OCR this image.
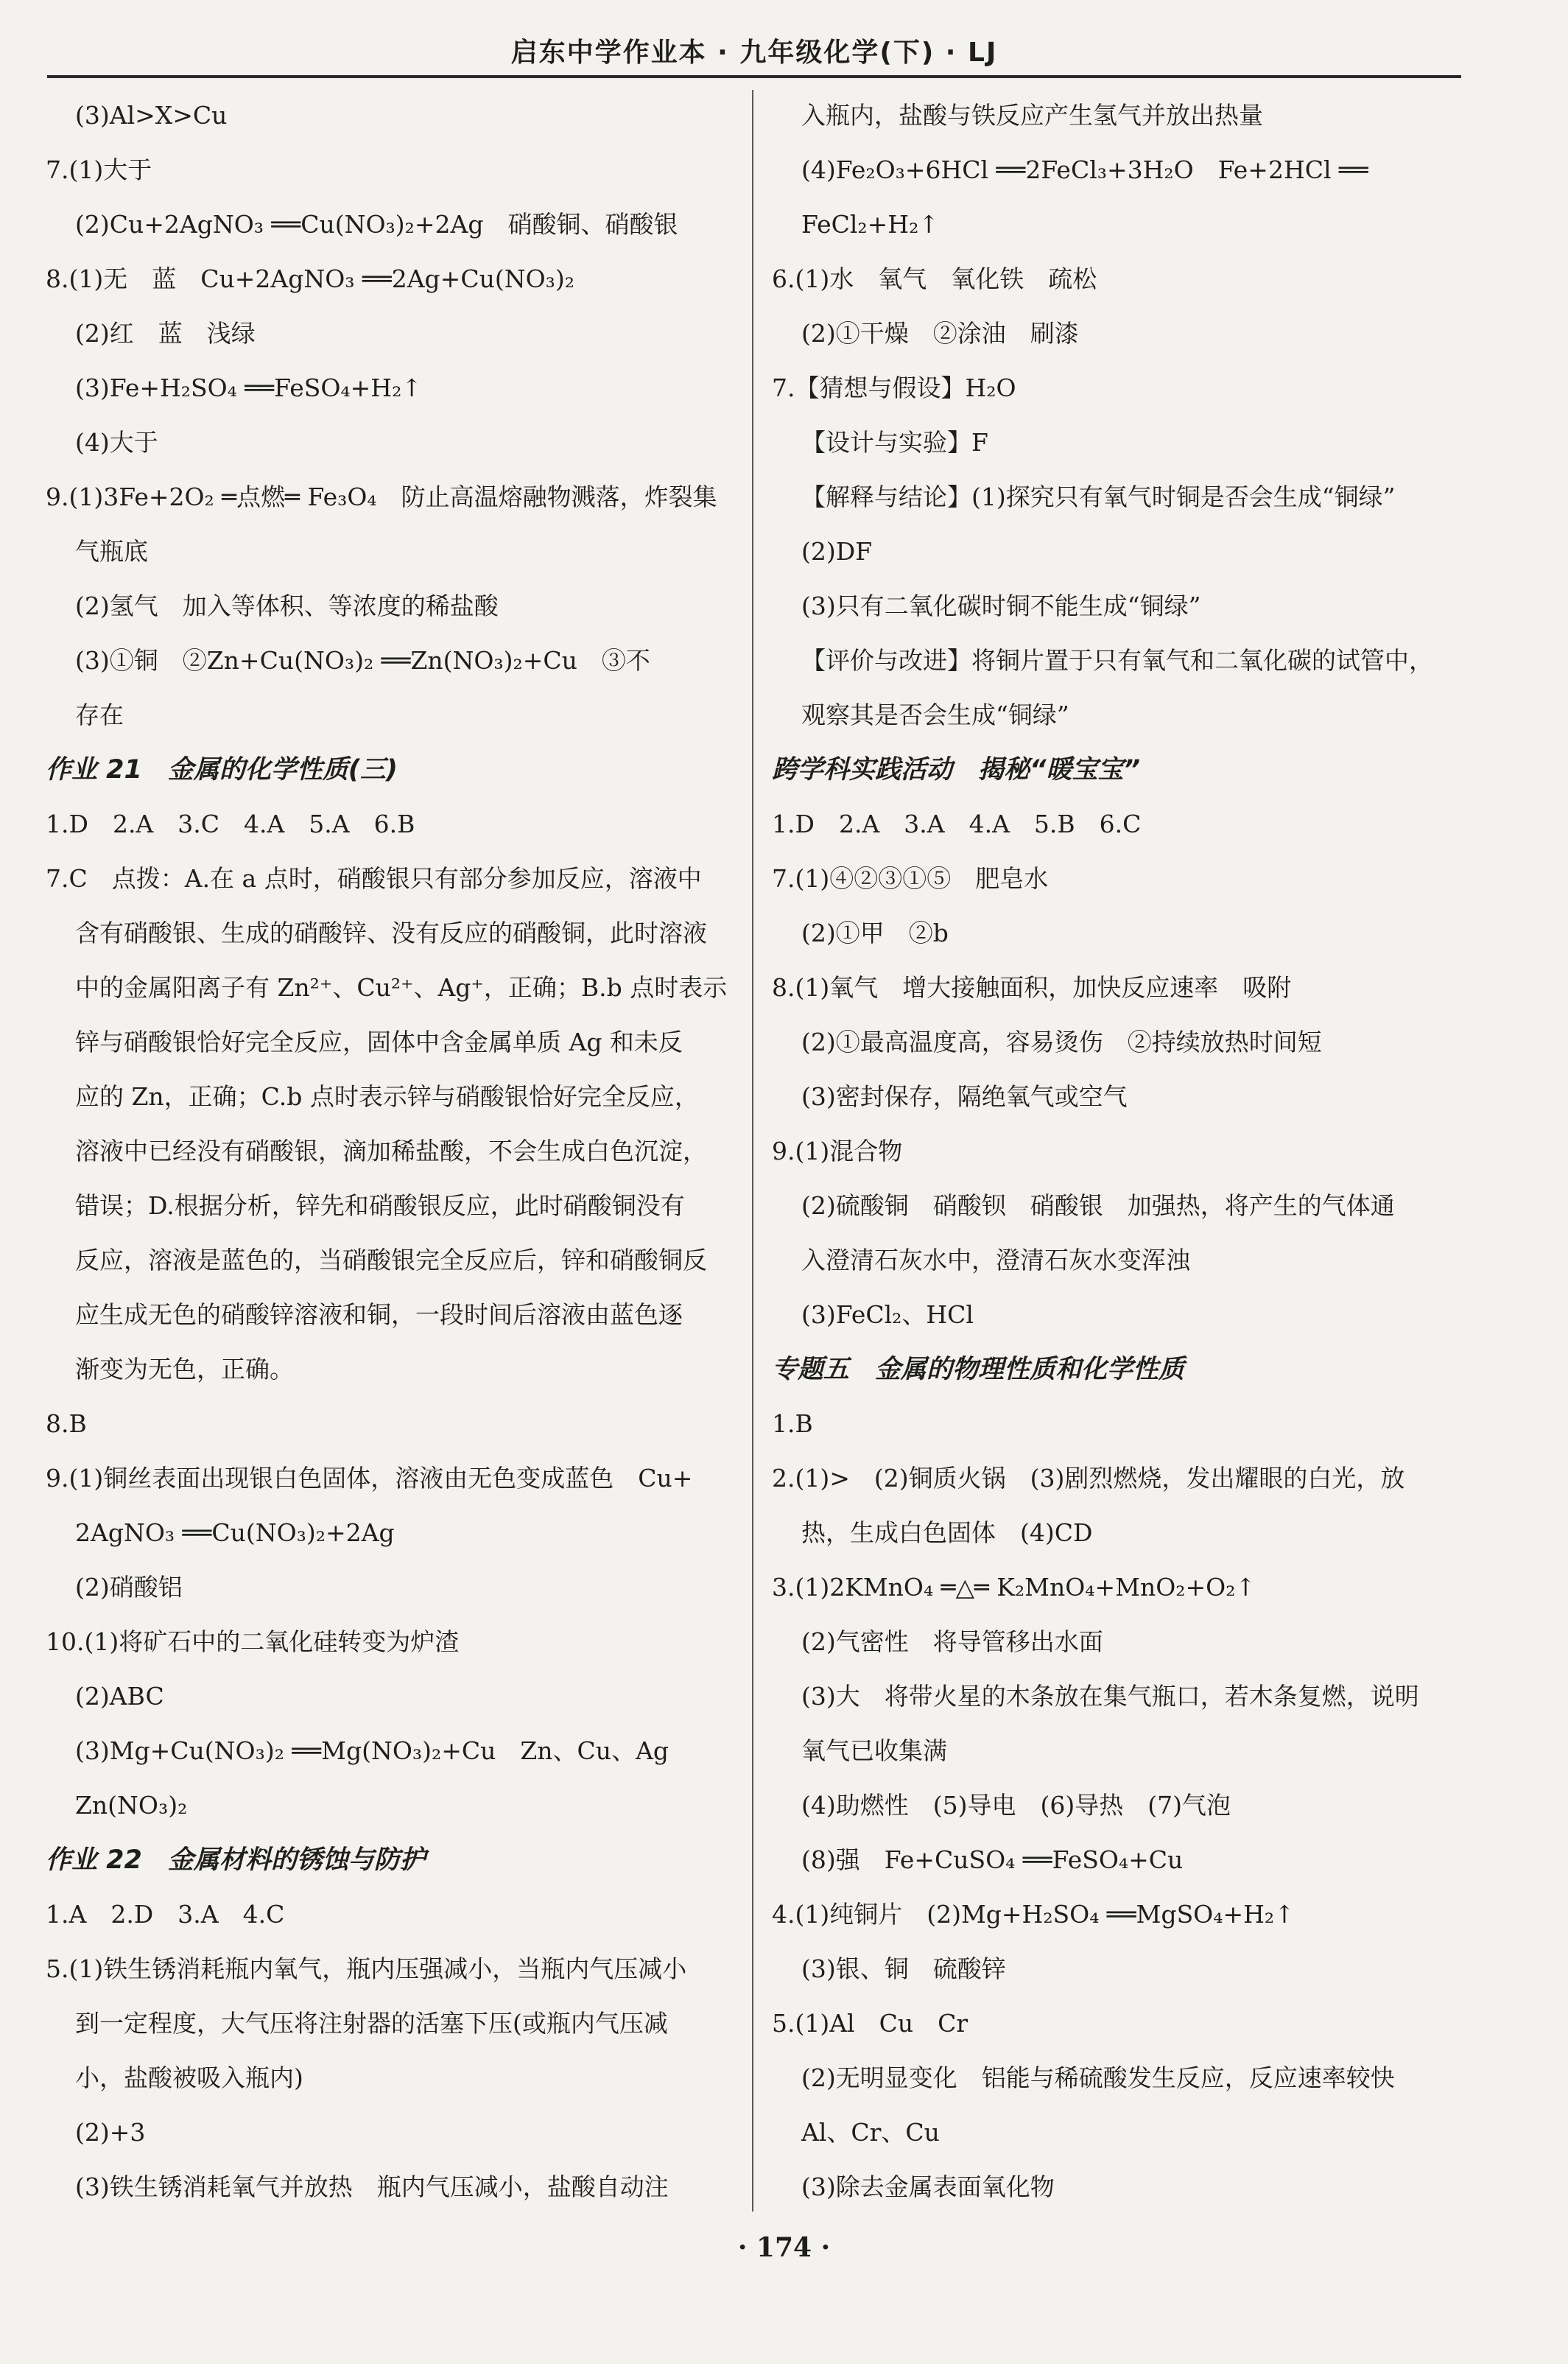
启东中学作业本 · 九年级化学(下) · LJ
(3)Al>X>Cu
7.(1)大于
(2)Cu+2AgNO₃ ══Cu(NO₃)₂+2Ag　硝酸铜、硝酸银
8.(1)无　蓝　Cu+2AgNO₃ ══2Ag+Cu(NO₃)₂
(2)红　蓝　浅绿
(3)Fe+H₂SO₄ ══FeSO₄+H₂↑
(4)大于
9.(1)3Fe+2O₂ ═点燃═ Fe₃O₄　防止高温熔融物溅落，炸裂集
气瓶底
(2)氢气　加入等体积、等浓度的稀盐酸
(3)①铜　②Zn+Cu(NO₃)₂ ══Zn(NO₃)₂+Cu　③不
存在
作业 21　金属的化学性质(三)
1.D　2.A　3.C　4.A　5.A　6.B
7.C　点拨：A.在 a 点时，硝酸银只有部分参加反应，溶液中
含有硝酸银、生成的硝酸锌、没有反应的硝酸铜，此时溶液
中的金属阳离子有 Zn²⁺、Cu²⁺、Ag⁺，正确；B.b 点时表示
锌与硝酸银恰好完全反应，固体中含金属单质 Ag 和未反
应的 Zn，正确；C.b 点时表示锌与硝酸银恰好完全反应，
溶液中已经没有硝酸银，滴加稀盐酸，不会生成白色沉淀，
错误；D.根据分析，锌先和硝酸银反应，此时硝酸铜没有
反应，溶液是蓝色的，当硝酸银完全反应后，锌和硝酸铜反
应生成无色的硝酸锌溶液和铜，一段时间后溶液由蓝色逐
渐变为无色，正确。
8.B
9.(1)铜丝表面出现银白色固体，溶液由无色变成蓝色　Cu+
2AgNO₃ ══Cu(NO₃)₂+2Ag
(2)硝酸铝
10.(1)将矿石中的二氧化硅转变为炉渣
(2)ABC
(3)Mg+Cu(NO₃)₂ ══Mg(NO₃)₂+Cu　Zn、Cu、Ag
Zn(NO₃)₂
作业 22　金属材料的锈蚀与防护
1.A　2.D　3.A　4.C
5.(1)铁生锈消耗瓶内氧气，瓶内压强减小，当瓶内气压减小
到一定程度，大气压将注射器的活塞下压(或瓶内气压减
小，盐酸被吸入瓶内)
(2)+3
(3)铁生锈消耗氧气并放热　瓶内气压减小，盐酸自动注
入瓶内，盐酸与铁反应产生氢气并放出热量
(4)Fe₂O₃+6HCl ══2FeCl₃+3H₂O　Fe+2HCl ══
FeCl₂+H₂↑
6.(1)水　氧气　氧化铁　疏松
(2)①干燥　②涂油　刷漆
7.【猜想与假设】H₂O
【设计与实验】F
【解释与结论】(1)探究只有氧气时铜是否会生成“铜绿”
(2)DF
(3)只有二氧化碳时铜不能生成“铜绿”
【评价与改进】将铜片置于只有氧气和二氧化碳的试管中，
观察其是否会生成“铜绿”
跨学科实践活动　揭秘“暖宝宝”
1.D　2.A　3.A　4.A　5.B　6.C
7.(1)④②③①⑤　肥皂水
(2)①甲　②b
8.(1)氧气　增大接触面积，加快反应速率　吸附
(2)①最高温度高，容易烫伤　②持续放热时间短
(3)密封保存，隔绝氧气或空气
9.(1)混合物
(2)硫酸铜　硝酸钡　硝酸银　加强热，将产生的气体通
入澄清石灰水中，澄清石灰水变浑浊
(3)FeCl₂、HCl
专题五　金属的物理性质和化学性质
1.B
2.(1)>　(2)铜质火锅　(3)剧烈燃烧，发出耀眼的白光，放
热，生成白色固体　(4)CD
3.(1)2KMnO₄ ═△═ K₂MnO₄+MnO₂+O₂↑
(2)气密性　将导管移出水面
(3)大　将带火星的木条放在集气瓶口，若木条复燃，说明
氧气已收集满
(4)助燃性　(5)导电　(6)导热　(7)气泡
(8)强　Fe+CuSO₄ ══FeSO₄+Cu
4.(1)纯铜片　(2)Mg+H₂SO₄ ══MgSO₄+H₂↑
(3)银、铜　硫酸锌
5.(1)Al　Cu　Cr
(2)无明显变化　铝能与稀硫酸发生反应，反应速率较快
Al、Cr、Cu
(3)除去金属表面氧化物
· 174 ·
